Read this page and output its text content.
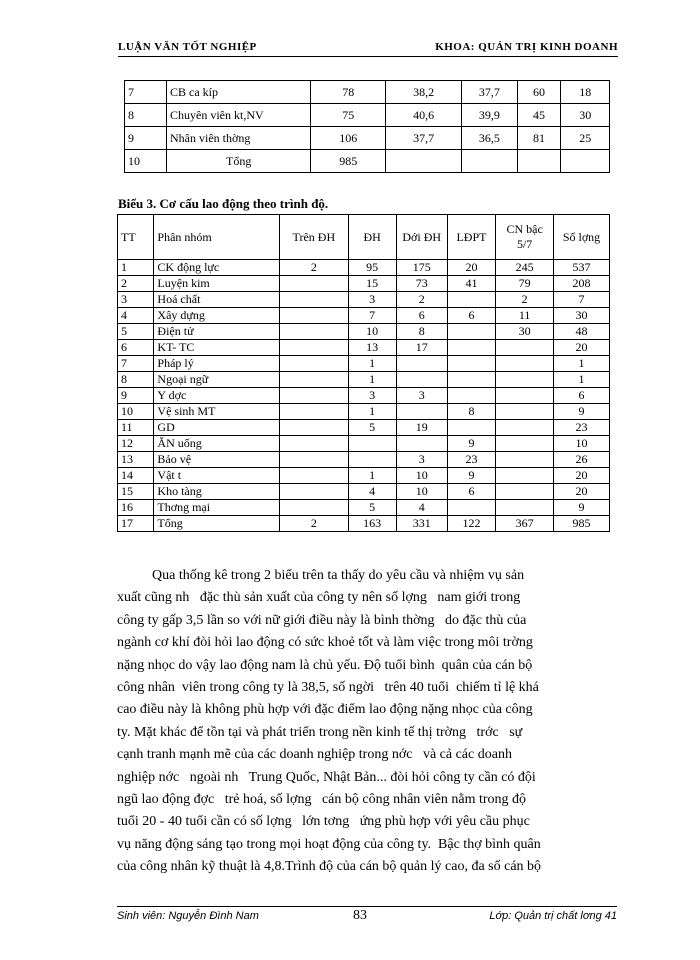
LUẬN VĂN TỐT NGHIỆP	KHOA: QUẢN TRỊ KINH DOANH
7	CB ca kíp	78	38,2	37,7	60	18
8	Chuyên viên kt,NV	75	40,6	39,9	45	30
9	Nhân viên thờng	106	37,7	36,5	81	25
10	Tổng	985				
Biểu 3. Cơ cấu lao động theo trình độ.
TT	Phân nhóm	Trên ĐH	ĐH	Dới ĐH	LĐPT	CN bậc 5/7	Số lợng
1	CK động lực	2	95	175	20	245	537
2	Luyện kim		15	73	41	79	208
3	Hoá chất		3	2		2	7
4	Xây dựng		7	6	6	11	30
5	Điện tử		10	8		30	48
6	KT- TC		13	17			20
7	Pháp lý		1				1
8	Ngoại ngữ		1				1
9	Y dợc		3	3			6
10	Vệ sinh MT		1		8		9
11	GD		5	19			23
12	ĂN uống				9		10
13	Bảo vệ			3	23		26
14	Vật t		1	10	9		20
15	Kho tàng		4	10	6		20
16	Thơng mại		5	4			9
17	Tổng	2	163	331	122	367	985
Qua thống kê trong 2 biểu trên ta thấy do yêu cầu và nhiệm vụ sản
xuất cũng nh   đặc thù sản xuất của công ty nên số lợng   nam giới trong
công ty gấp 3,5 lần so với nữ giới điều này là bình thờng   do đặc thù của
ngành cơ khí đòi hỏi lao động có sức khoẻ tốt và làm việc trong môi trờng
nặng nhọc do vậy lao động nam là chủ yếu. Độ tuổi bình  quân của cán bộ
công nhân  viên trong công ty là 38,5, số ngời   trên 40 tuổi  chiếm tỉ lệ khá
cao điều này là không phù hợp với đặc điểm lao động nặng nhọc của công
ty. Mặt khác để tồn tại và phát triển trong nền kinh tế thị trờng   trớc   sự
cạnh tranh mạnh mẽ của các doanh nghiệp trong nớc   và cả các doanh
nghiệp nớc   ngoài nh   Trung Quốc, Nhật Bản... đòi hỏi công ty cần có đội
ngũ lao động đợc   trẻ hoá, số lợng   cán bộ công nhân viên nằm trong độ
tuổi 20 - 40 tuổi cần có số lợng   lớn tơng   ứng phù hợp với yêu cầu phục
vụ năng động sáng tạo trong mọi hoạt động của công ty.  Bậc thợ bình quân
của công nhân kỹ thuật là 4,8.Trình độ của cán bộ quản lý cao, đa số cán bộ
Sinh viên: Nguyễn Đình Nam	83	Lớp: Quản trị chất lơng 41
